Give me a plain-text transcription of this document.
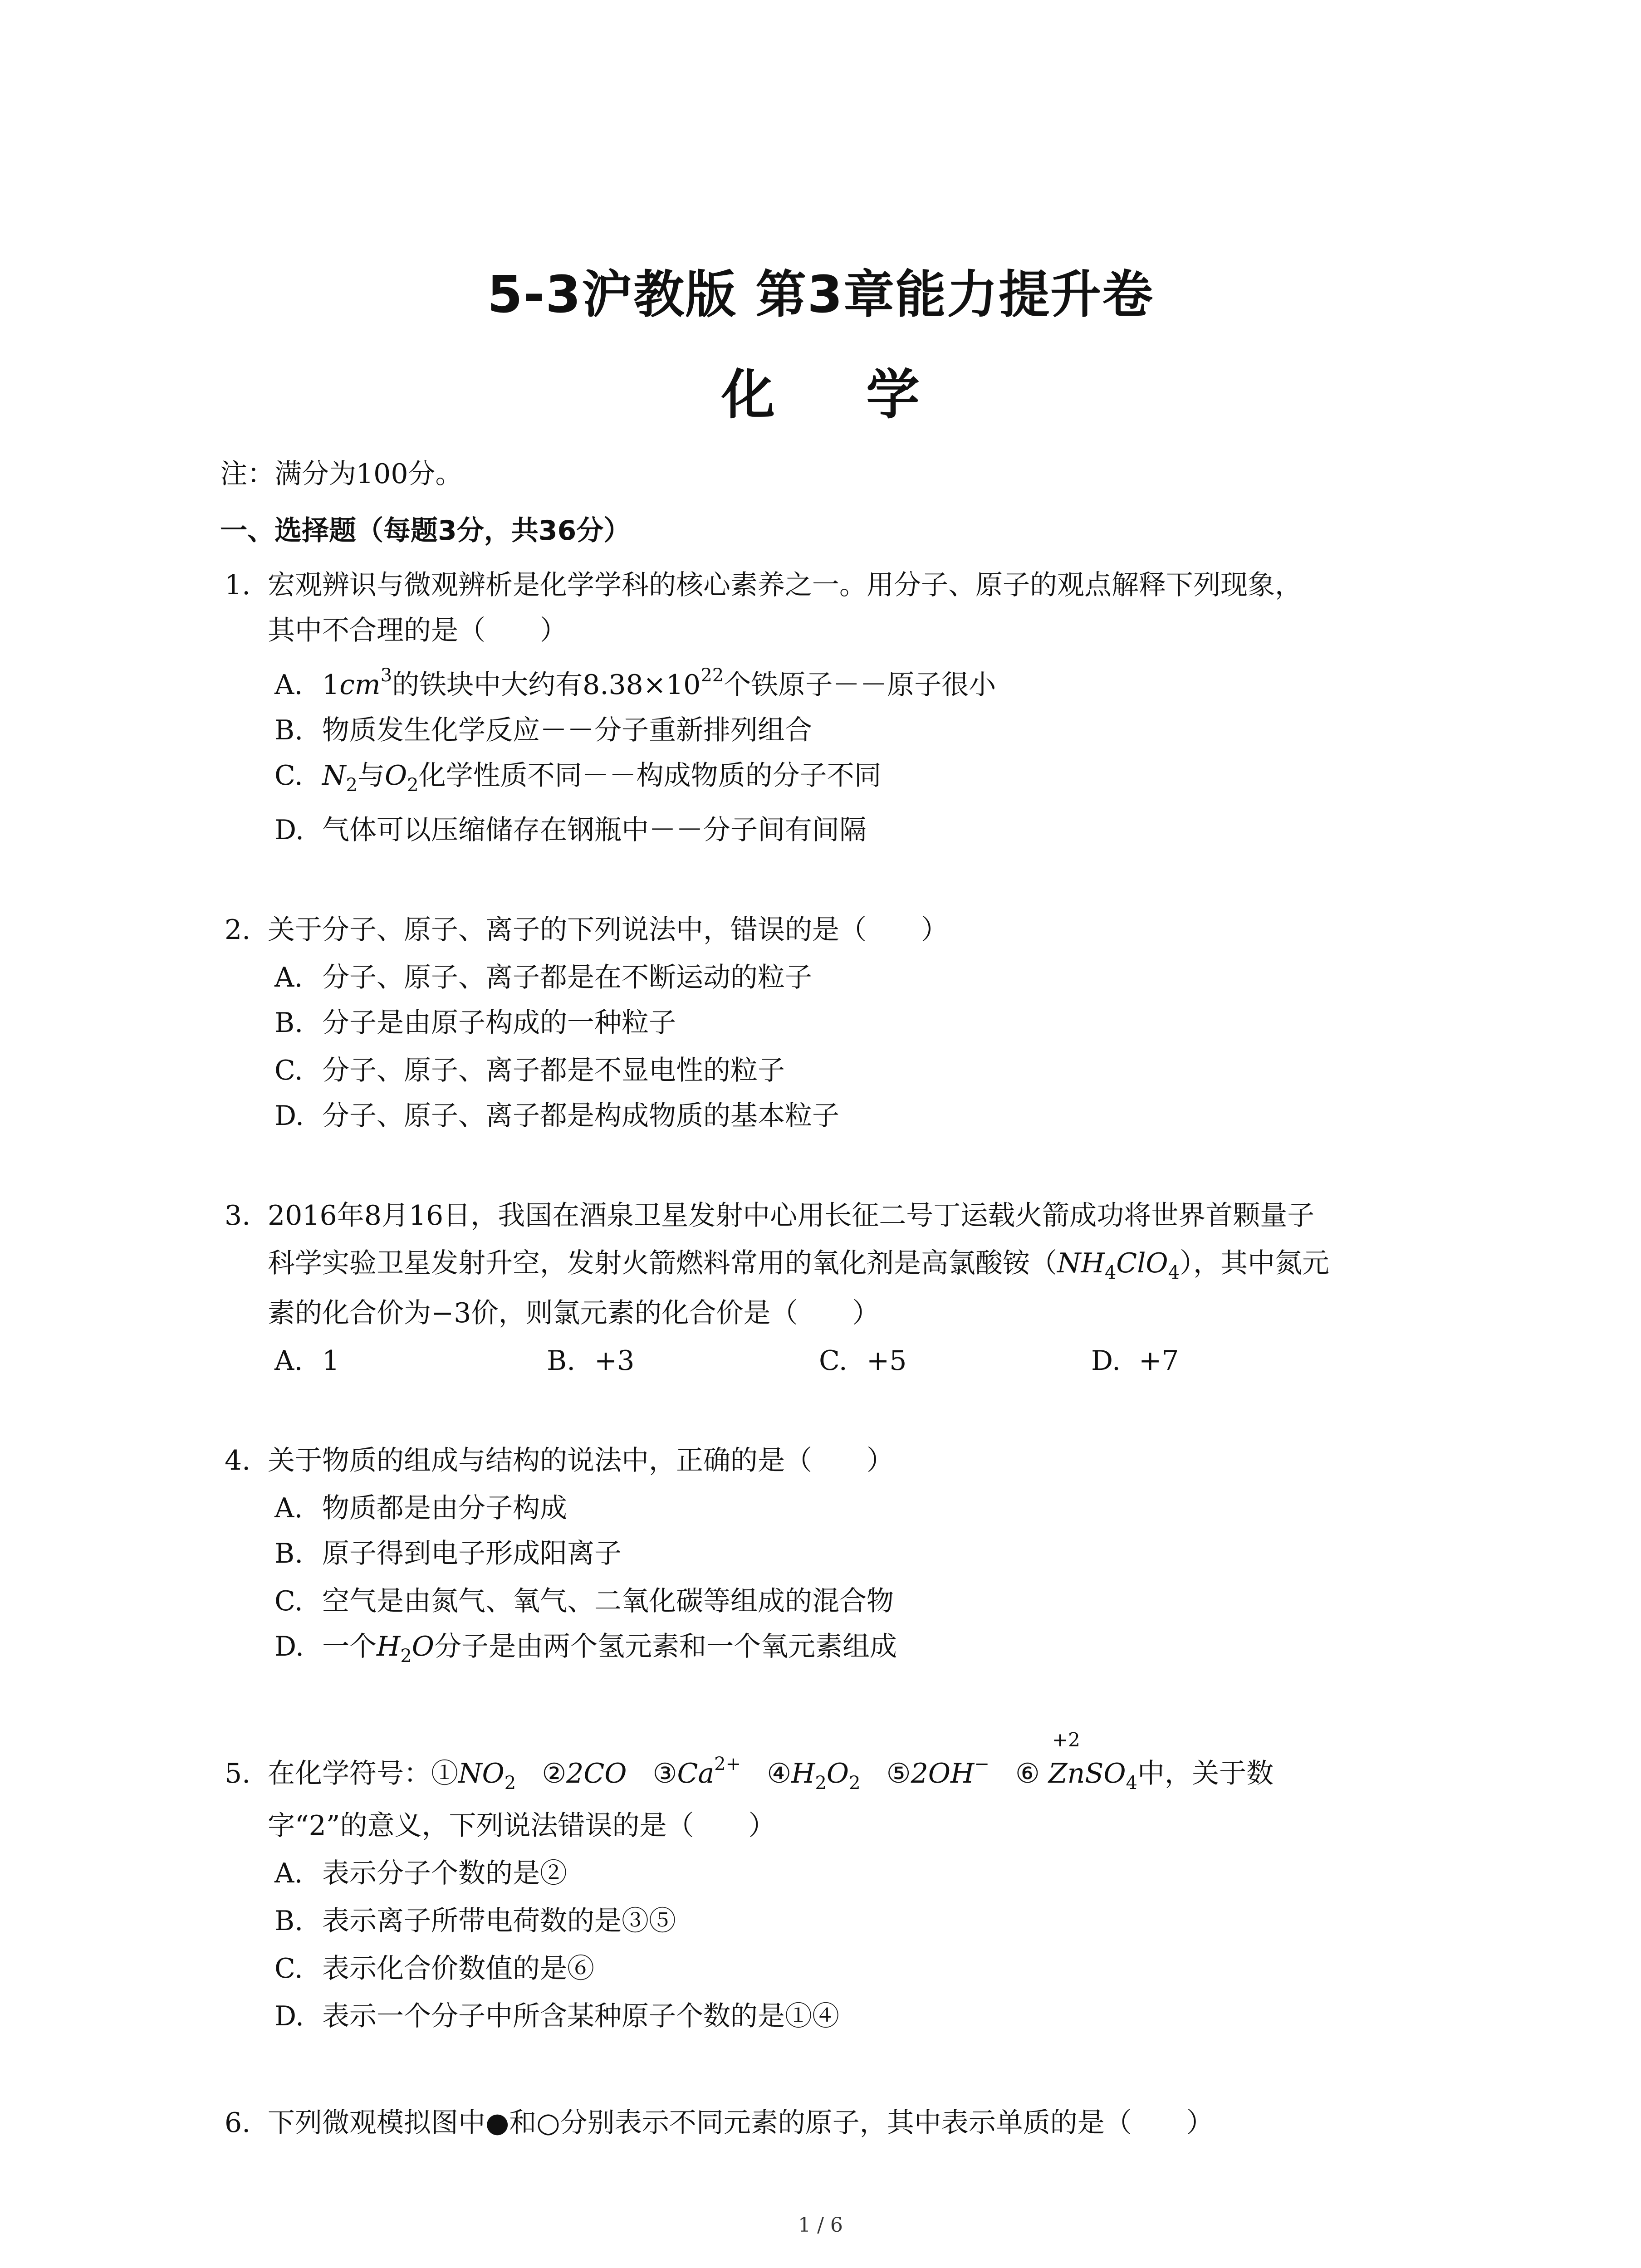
5-3沪教版 第3章能力提升卷
化 学
注：满分为100分。
一、选择题（每题3分，共36分）
1. 宏观辨识与微观辨析是化学学科的核心素养之一。用分子、原子的观点解释下列现象，
其中不合理的是（　　）
A. $1cm^3$的铁块中大约有$8.38\times 10^{22}$个铁原子－－原子很小
B. 物质发生化学反应－－分子重新排列组合
C. $N_2$与$O_2$化学性质不同－－构成物质的分子不同
D. 气体可以压缩储存在钢瓶中－－分子间有间隔
2. 关于分子、原子、离子的下列说法中，错误的是（　　）
A. 分子、原子、离子都是在不断运动的粒子
B. 分子是由原子构成的一种粒子
C. 分子、原子、离子都是不显电性的粒子
D. 分子、原子、离子都是构成物质的基本粒子
3. 2016年8月16日，我国在酒泉卫星发射中心用长征二号丁运载火箭成功将世界首颗量子
科学实验卫星发射升空，发射火箭燃料常用的氧化剂是高氯酸铵$(NH_4ClO_4)$，其中氮元
素的化合价为−3价，则氯元素的化合价是（　　）
A. 1	B. +3	C. +5	D. +7
4. 关于物质的组成与结构的说法中，正确的是（　　）
A. 物质都是由分子构成
B. 原子得到电子形成阳离子
C. 空气是由氮气、氧气、二氧化碳等组成的混合物
D. 一个$H_2O$分子是由两个氢元素和一个氧元素组成
5. 在化学符号：$①NO_2$ ②2CO $③Ca^{2+}$ $④H_2O_2$ ⑤2OH− ⑥
+2
ZnSO$_4$中，关于数
字“2”的意义，下列说法错误的是（　　）
A. 表示分子个数的是②
B. 表示离子所带电荷数的是③⑤
C. 表示化合价数值的是⑥
D. 表示一个分子中所含某种原子个数的是①④
6. 下列微观模拟图中●和○分别表示不同元素的原子，其中表示单质的是（　　）
1 / 6
